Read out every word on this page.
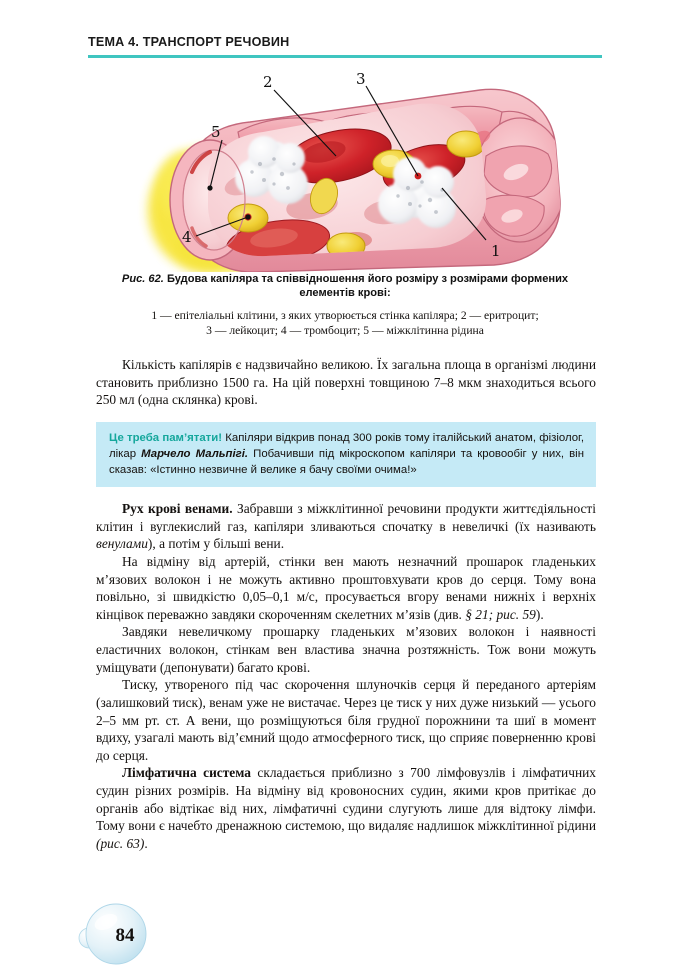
ТЕМА 4. ТРАНСПОРТ РЕЧОВИН
1
2	3
4
5
Рис. 62. Будова капіляра та співвідношення його розміру з розмірами формених елементів крові:
1 — епітеліальні клітини, з яких утворюється стінка капіляра; 2 — еритроцит;
3 — лейкоцит; 4 — тромбоцит; 5 — міжклітинна рідина

Кількість капілярів є надзвичайно великою. Їх загальна площа в організмі людини становить приблизно 1500 га. На цій поверхні товщиною 7–8 мкм знаходиться всього 250 мл (одна склянка) крові.

Це треба пам’ятати! Капіляри відкрив понад 300 років тому італійський анатом, фізіолог, лікар Марчело Мальпігі. Побачивши під мікроскопом капіляри та кровообіг у них, він сказав: «Істинно незвичне й велике я бачу своїми очима!»

Рух крові венами. Забравши з міжклітинної речовини продукти життєдіяльності клітин і вуглекислий газ, капіляри зливаються спочатку в невеличкі (їх називають венулами), а потім у більші вени.

На відміну від артерій, стінки вен мають незначний прошарок гладеньких м’язових волокон і не можуть активно проштовхувати кров до серця. Тому вона повільно, зі швидкістю 0,05–0,1 м/с, просувається вгору венами нижніх і верхніх кінцівок переважно завдяки скороченням скелетних м’язів (див. § 21; рис. 59).

Завдяки невеличкому прошарку гладеньких м’язових волокон і наявності еластичних волокон, стінкам вен властива значна розтяжність. Тож вони можуть уміщувати (депонувати) багато крові.

Тиску, утвореного під час скорочення шлуночків серця й переданого артеріям (залишковий тиск), венам уже не вистачає. Через це тиск у них дуже низький — усього 2–5 мм рт. ст. А вени, що розміщуються біля грудної порожнини та шиї в момент вдиху, узагалі мають від’ємний щодо атмосферного тиск, що сприяє поверненню крові до серця.

Лімфатична система складається приблизно з 700 лімфовузлів і лімфатичних судин різних розмірів. На відміну від кровоносних судин, якими кров притікає до органів або відтікає від них, лімфатичні судини слугують лише для відтоку лімфи. Тому вони є начебто дренажною системою, що видаляє надлишок міжклітинної рідини (рис. 63).

84
